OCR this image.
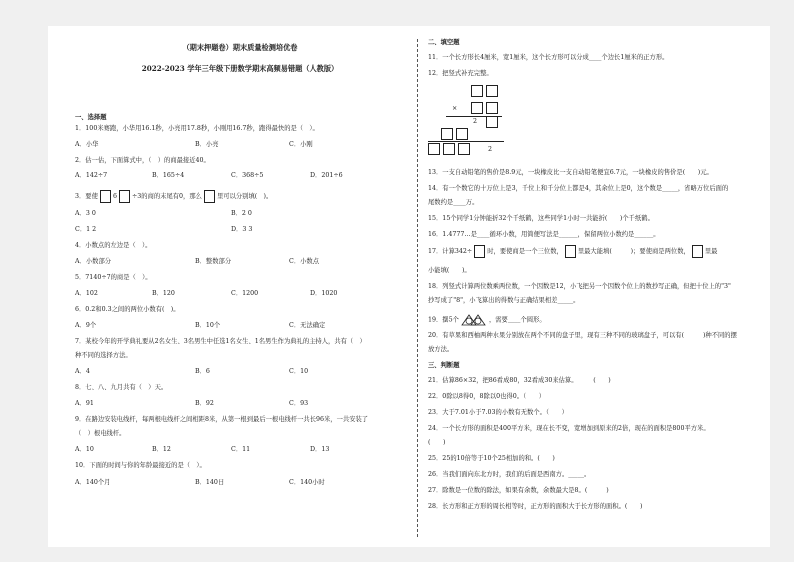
（期末押题卷）期末质量检测培优卷
2022-2023 学年三年级下册数学期末高频易错题（人教版）
一、选择题
1．100米赛跑，小华用16.1秒，小亮用17.8秒，小刚用16.7秒，跑得最快的是（　）。
A．小华	B．小亮	C．小刚
2．估一估，下面算式中，（　）的商最接近40。
A．142÷7	B．165÷4	C．368÷5	D．201÷6
3．要使 6 ÷3的商的末尾有0，那么 里可以分别填(　)。
A．3 0	B．2 0
C．1 2	D．3 3
4．小数点的左边是（　）。
A．小数部分	B．整数部分	C．小数点
5．7140÷7的商是（　）。
A．102	B．120	C．1200	D．1020
6．0.2和0.3之间的两位小数有(　)。
A．9个	B．10个	C．无法确定
7．某校今年的开学典礼要从2名女生、3名男生中任选1名女生、1名男生作为典礼的主持人，共有（　）
种不同的选择方法。
A．4	B．6	C．10
8．七、八、九月共有（　）天。
A．91	B．92	C．93
9．在路边安装电线杆，每两根电线杆之间相距8米，从第一根到最后一根电线杆一共长96米，一共安装了
（　）根电线杆。
A．10	B．12	C．11	D．13
10．下面的时间与你的年龄最接近的是（　）。
A．140个月	B．140日	C．140小时
二、填空题
11．一个长方形长4厘米，宽1厘米，这个长方形可以分成____个边长1厘米的正方形。
12．把竖式补充完整。
×
2
2
13．一支自动铅笔的售价是8.9元，一块橡皮比一支自动铅笔便宜6.7元，一块橡皮的售价是(　　)元。
14．有一个数它的十万位上是3，千位上和千分位上都是4，其余位上是0，这个数是_____，省略万位后面的
尾数约是____万。
15．15个同学1分钟能折32个千纸鹤，这些同学1小时一共能折(　　)个千纸鹤。
16．1.4777…是____循环小数，用简便写法是______，保留两位小数约是______。
17．计算342÷ 时，要使商是一个三位数， 里最大能填(　　　)；要使商是两位数， 里最
小能填(　　)。
18．列竖式计算两位数乘两位数，一个因数是12，小飞把另一个因数个位上的数抄写正确，但把十位上的"3"
抄写成了"8"，小飞算出的得数与正确结果相差_____。
19．摆5个	，需要____个圆形。
20．有草果和西柚两种水果分别放在两个不同的盘子里，现有三种不同的玻璃盘子，可以有(　　　)种不同的摆
放方法。
三、判断题
21．估算86×32，把86看成80，32看成30来估算。　　　(　　)
22．0除以8得0，8除以0也得0。（　　）
23．大于7.01小于7.03的小数有无数个。（　　）
24．一个长方形的面积是400平方米，现在长不变，宽增加到原来的2倍，现在的面积是800平方米。
(　　)
25．25的10倍等于10个25相加的和。(　　)
26．当我们面向东北方时，我们的后面是西南方。_____。
27．除数是一位数的除法，如果有余数，余数最大是8。(　　　)
28．长方形和正方形的周长相等时，正方形的面积大于长方形的面积。(　　)
